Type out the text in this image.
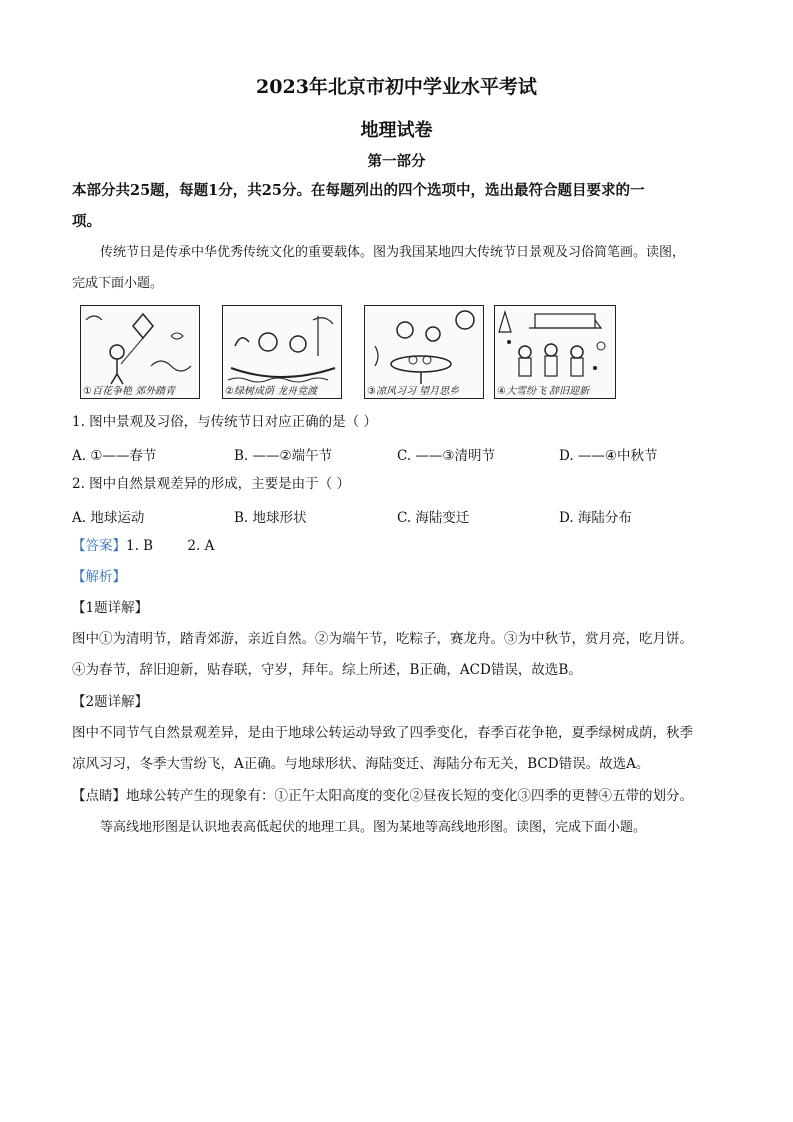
2023年北京市初中学业水平考试
地理试卷
第一部分
本部分共25题，每题1分，共25分。在每题列出的四个选项中，选出最符合题目要求的一
项。
传统节日是传承中华优秀传统文化的重要载体。图为我国某地四大传统节日景观及习俗简笔画。读图，
完成下面小题。
①百花争艳 郊外踏青	②绿树成荫 龙舟竞渡	③凉风习习 望月思乡	④大雪纷飞 辞旧迎新
1. 图中景观及习俗，与传统节日对应正确的是（ ）
A. ①——春节	B. ——②端午节	C. ——③清明节	D. ——④中秋节
2. 图中自然景观差异的形成，主要是由于（ ）
A. 地球运动	B. 地球形状	C. 海陆变迁	D. 海陆分布
【答案】1. B        2. A
【解析】
【1题详解】
图中①为清明节，踏青郊游，亲近自然。②为端午节，吃粽子，赛龙舟。③为中秋节，赏月亮，吃月饼。
④为春节，辞旧迎新，贴春联，守岁，拜年。综上所述，B正确，ACD错误，故选B。
【2题详解】
图中不同节气自然景观差异，是由于地球公转运动导致了四季变化，春季百花争艳，夏季绿树成荫，秋季
凉风习习，冬季大雪纷飞，A正确。与地球形状、海陆变迁、海陆分布无关，BCD错误。故选A。
【点睛】地球公转产生的现象有：①正午太阳高度的变化②昼夜长短的变化③四季的更替④五带的划分。
等高线地形图是认识地表高低起伏的地理工具。图为某地等高线地形图。读图，完成下面小题。
